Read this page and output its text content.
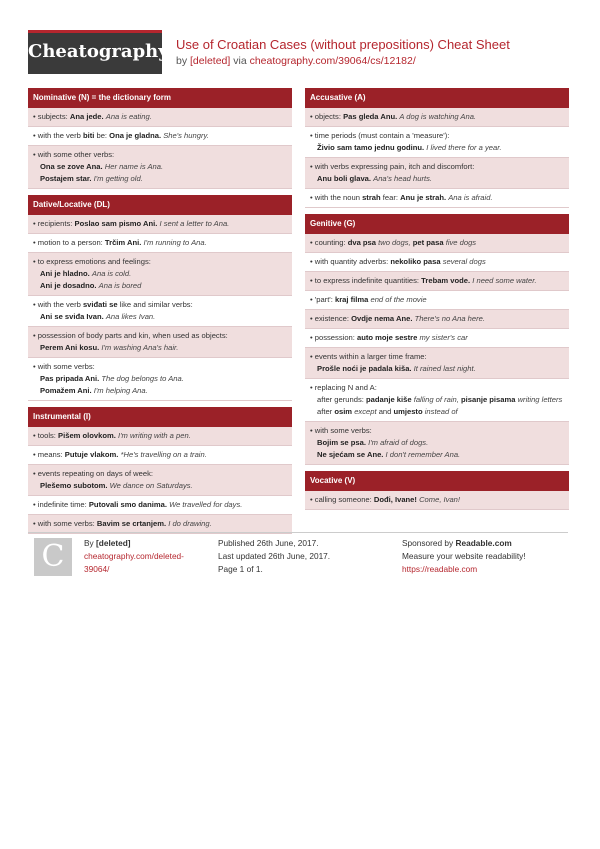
Cheatography Use of Croatian Cases (without prepositions) Cheat Sheet
by [deleted] via cheatography.com/39064/cs/12182/
Nominative (N) = the dictionary form
• subjects: Ana jede. Ana is eating.
• with the verb biti be: Ona je gladna. She's hungry.
• with some other verbs:
Ona se zove Ana. Her name is Ana.
Postajem star. I'm getting old.
Dative/Locative (DL)
• recipients: Poslao sam pismo Ani. I sent a letter to Ana.
• motion to a person: Trčim Ani. I'm running to Ana.
• to express emotions and feelings:
Ani je hladno. Ana is cold.
Ani je dosadno. Ana is bored
• with the verb sviđati se like and similar verbs:
Ani se sviđa Ivan. Ana likes Ivan.
• possession of body parts and kin, when used as objects:
Perem Ani kosu. I'm washing Ana's hair.
• with some verbs:
Pas pripada Ani. The dog belongs to Ana.
Pomažem Ani. I'm helping Ana.
Instrumental (I)
• tools: Pišem olovkom. I'm writing with a pen.
• means: Putuje vlakom. *He's travelling on a train.
• events repeating on days of week:
Plešemo subotom. We dance on Saturdays.
• indefinite time: Putovali smo danima. We travelled for days.
• with some verbs: Bavim se crtanjem. I do drawing.
Accusative (A)
• objects: Pas gleda Anu. A dog is watching Ana.
• time periods (must contain a 'measure'):
Živio sam tamo jednu godinu. I lived there for a year.
• with verbs expressing pain, itch and discomfort:
Anu boli glava. Ana's head hurts.
• with the noun strah fear: Anu je strah. Ana is afraid.
Genitive (G)
• counting: dva psa two dogs, pet pasa five dogs
• with quantity adverbs: nekoliko pasa several dogs
• to express indefinite quantities: Trebam vode. I need some water.
• 'part': kraj filma end of the movie
• existence: Ovdje nema Ane. There's no Ana here.
• possession: auto moje sestre my sister's car
• events within a larger time frame:
Prošle noći je padala kiša. It rained last night.
• replacing N and A:
after gerunds: padanje kiše falling of rain, pisanje pisama writing letters
after osim except and umjesto instead of
• with some verbs:
Bojim se psa. I'm afraid of dogs.
Ne sjećam se Ane. I don't remember Ana.
Vocative (V)
• calling someone: Dođi, Ivane! Come, Ivan!
C	By [deleted]
cheatography.com/deleted-39064/
Published 26th June, 2017.
Last updated 26th June, 2017.
Page 1 of 1.
Sponsored by Readable.com
Measure your website readability!
https://readable.com
